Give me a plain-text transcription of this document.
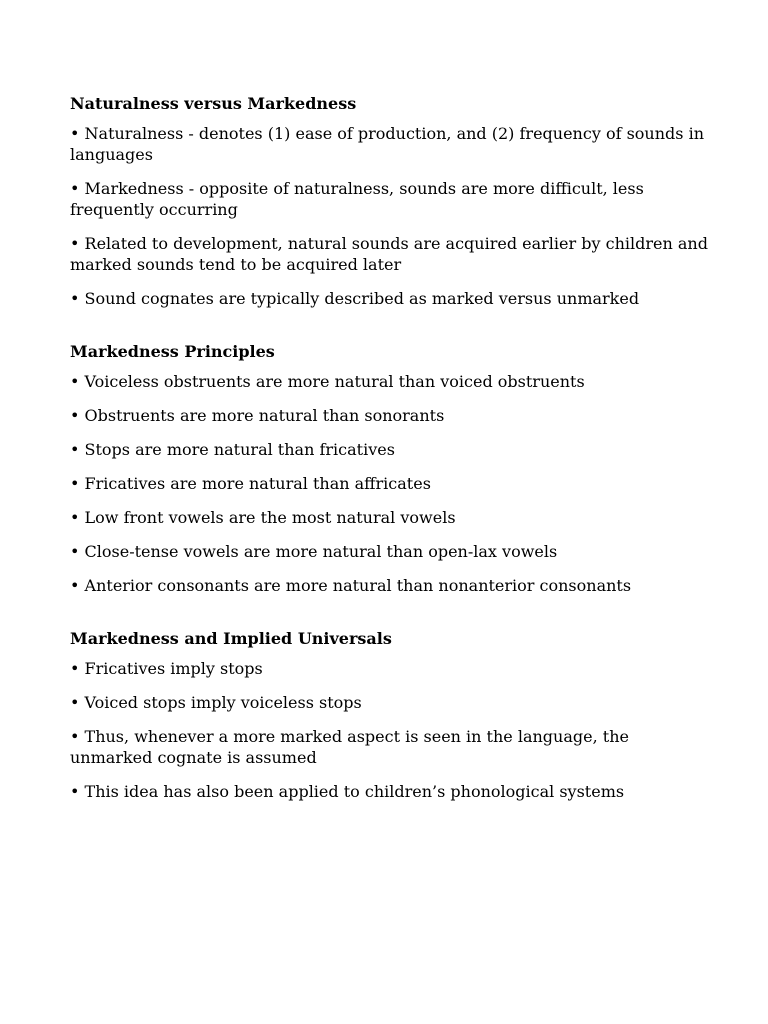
Naturalness versus Markedness
• Naturalness - denotes (1) ease of production, and (2) frequency of sounds in languages
• Markedness - opposite of naturalness, sounds are more difficult, less frequently occurring
• Related to development, natural sounds are acquired earlier by children and marked sounds tend to be acquired later
• Sound cognates are typically described as marked versus unmarked
Markedness Principles
• Voiceless obstruents are more natural than voiced obstruents
• Obstruents are more natural than sonorants
• Stops are more natural than fricatives
• Fricatives are more natural than affricates
• Low front vowels are the most natural vowels
• Close-tense vowels are more natural than open-lax vowels
• Anterior consonants are more natural than nonanterior consonants
Markedness and Implied Universals
• Fricatives imply stops
• Voiced stops imply voiceless stops
• Thus, whenever a more marked aspect is seen in the language, the unmarked cognate is assumed
• This idea has also been applied to children’s phonological systems
